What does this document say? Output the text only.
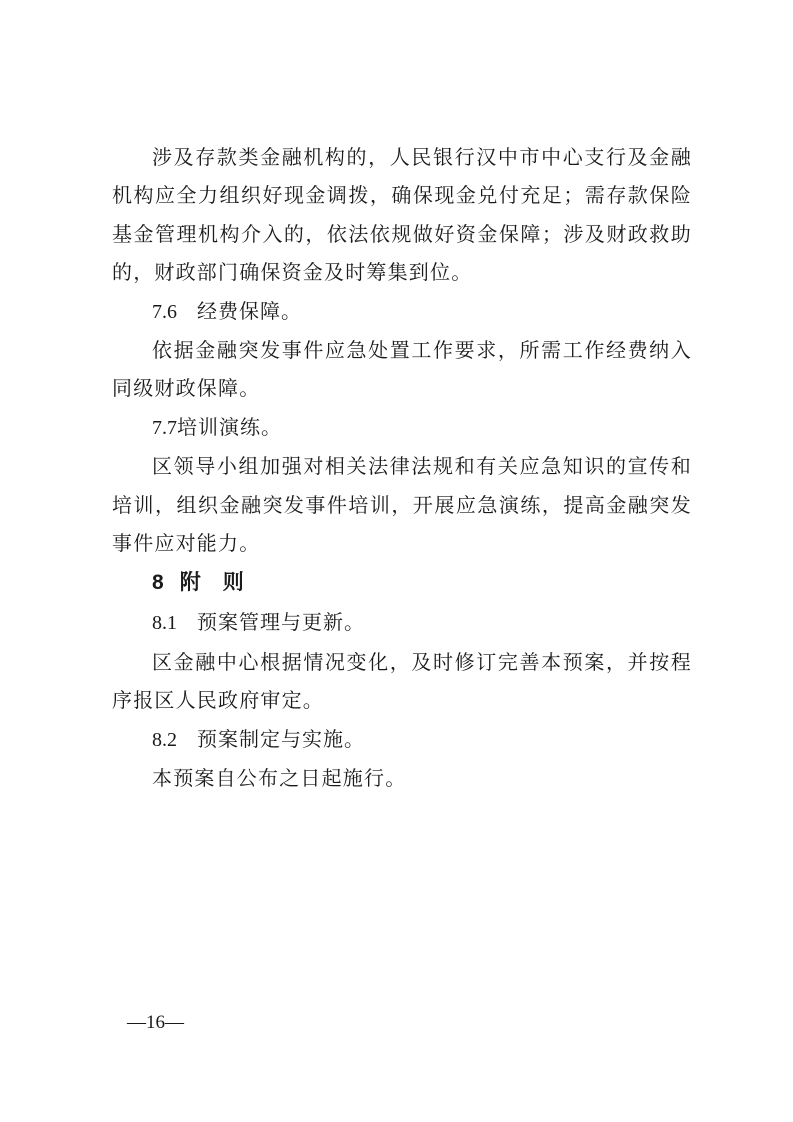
涉及存款类金融机构的，人民银行汉中市中心支行及金融机构应全力组织好现金调拨，确保现金兑付充足；需存款保险基金管理机构介入的，依法依规做好资金保障；涉及财政救助的，财政部门确保资金及时筹集到位。

7.6 经费保障。

依据金融突发事件应急处置工作要求，所需工作经费纳入同级财政保障。

7.7培训演练。

区领导小组加强对相关法律法规和有关应急知识的宣传和培训，组织金融突发事件培训，开展应急演练，提高金融突发事件应对能力。

8 附 则

8.1 预案管理与更新。

区金融中心根据情况变化，及时修订完善本预案，并按程序报区人民政府审定。

8.2 预案制定与实施。

本预案自公布之日起施行。

—16—
